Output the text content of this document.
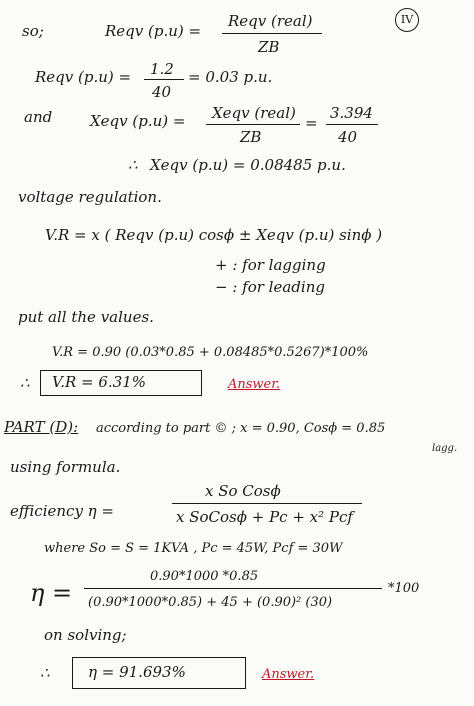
IV
so;	Reqv (p.u) =
Reqv (real)
ZB
Reqv (p.u) = 1.2
40
= 0.03 p.u.
and	Xeqv (p.u) = Xeqv (real)
ZB
=
3.394
40
∴ Xeqv (p.u) = 0.08485 p.u.
voltage regulation.
V.R = x ( Reqv (p.u) cosϕ ± Xeqv (p.u) sinϕ )
+ : for lagging
− : for leading
put all the values.
V.R = 0.90 (0.03*0.85 + 0.08485*0.5267)*100%
∴ V.R = 6.31%	Answer.
PART (D): according to part © ; x = 0.90, Cosϕ = 0.85
lagg.
using formula.
efficiency η =
x So Cosϕ
x SoCosϕ + Pc + x² Pcf
where So = S = 1KVA , Pc = 45W, Pcf = 30W
η =
0.90*1000 *0.85
(0.90*1000*0.85) + 45 + (0.90)² (30)
*100
on solving;
∴	η = 91.693%	Answer.
